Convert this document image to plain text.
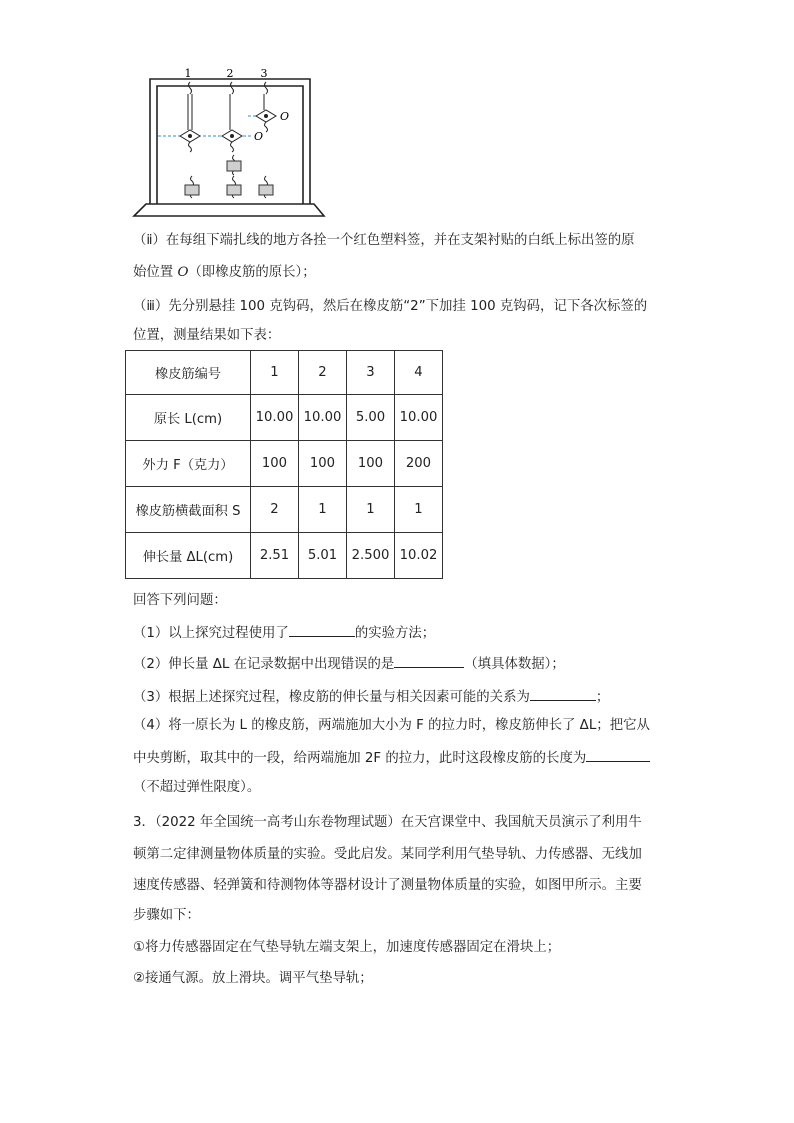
1	2 3
O
O
（ⅱ）在每组下端扎线的地方各拴一个红色塑料签，并在支架衬贴的白纸上标出签的原
始位置 O（即橡皮筋的原长）；
（ⅲ）先分别悬挂 100 克钩码，然后在橡皮筋“2”下加挂 100 克钩码，记下各次标签的
位置，测量结果如下表：
橡皮筋编号	1	2	3	4
原长 L(cm)	10.00	10.00	5.00	10.00
外力 F（克力）	100	100	100	200
橡皮筋横截面积 S	2	1	1	1
伸长量 ΔL(cm)	2.51	5.01	2.500	10.02
回答下列问题：
（1）以上探究过程使用了	的实验方法；
（2）伸长量 ΔL 在记录数据中出现错误的是	（填具体数据）；
（3）根据上述探究过程，橡皮筋的伸长量与相关因素可能的关系为	；
（4）将一原长为 L 的橡皮筋，两端施加大小为 F 的拉力时，橡皮筋伸长了 ΔL；把它从
中央剪断，取其中的一段，给两端施加 2F 的拉力，此时这段橡皮筋的长度为
（不超过弹性限度）。
3．（2022 年全国统一高考山东卷物理试题）在天宫课堂中、我国航天员演示了利用牛
顿第二定律测量物体质量的实验。受此启发。某同学利用气垫导轨、力传感器、无线加
速度传感器、轻弹簧和待测物体等器材设计了测量物体质量的实验，如图甲所示。主要
步骤如下：
①将力传感器固定在气垫导轨左端支架上，加速度传感器固定在滑块上；
②接通气源。放上滑块。调平气垫导轨；
